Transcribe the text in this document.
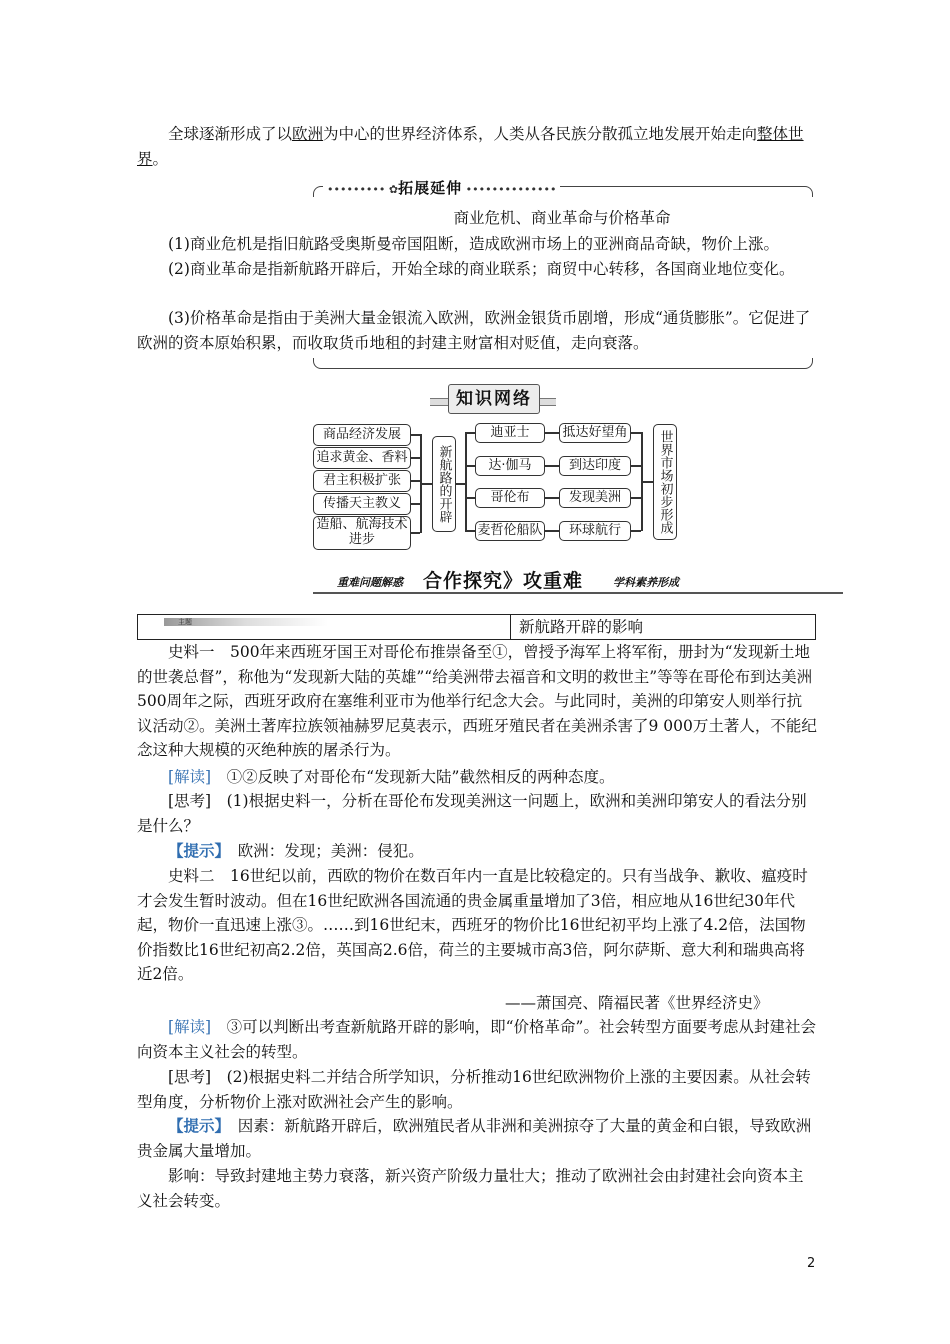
全球逐渐形成了以欧洲为中心的世界经济体系，人类从各民族分散孤立地发展开始走向整体世界。

••••••••• ✿拓展延伸 ••••••••••••••
商业危机、商业革命与价格革命

(1)商业危机是指旧航路受奥斯曼帝国阻断，造成欧洲市场上的亚洲商品奇缺，物价上涨。

(2)商业革命是指新航路开辟后，开始全球的商业联系；商贸中心转移，各国商业地位变化。

(3)价格革命是指由于美洲大量金银流入欧洲，欧洲金银货币剧增，形成“通货膨胀”。它促进了欧洲的资本原始积累，而收取货币地租的封建主财富相对贬值，走向衰落。

知识网络
商品经济发展
追求黄金、香料
君主积极扩张
传播天主教义
造船、航海技术进步
新航路的开辟
迪亚士
达·伽马
哥伦布
麦哲伦船队
抵达好望角
到达印度
发现美洲
环球航行	世界市场初步形成
重难问题解惑 合作探究》攻重难	学科素养形成
主题	新航路开辟的影响

史料一　500年来西班牙国王对哥伦布推崇备至①，曾授予海军上将军衔，册封为“发现新土地的世袭总督”，称他为“发现新大陆的英雄”“给美洲带去福音和文明的救世主”等等在哥伦布到达美洲500周年之际，西班牙政府在塞维利亚市为他举行纪念大会。与此同时，美洲的印第安人则举行抗议活动②。美洲土著库拉族领袖赫罗尼莫表示，西班牙殖民者在美洲杀害了9 000万土著人，不能纪念这种大规模的灭绝种族的屠杀行为。

[解读]　 ①②反映了对哥伦布“发现新大陆”截然相反的两种态度。

[思考]　 (1)根据史料一，分析在哥伦布发现美洲这一问题上，欧洲和美洲印第安人的看法分别是什么？

【提示】　 欧洲：发现；美洲：侵犯。

史料二　16世纪以前，西欧的物价在数百年内一直是比较稳定的。只有当战争、歉收、瘟疫时才会发生暂时波动。但在16世纪欧洲各国流通的贵金属重量增加了3倍，相应地从16世纪30年代起，物价一直迅速上涨③。……到16世纪末，西班牙的物价比16世纪初平均上涨了4.2倍，法国物价指数比16世纪初高2.2倍，英国高2.6倍，荷兰的主要城市高3倍，阿尔萨斯、意大利和瑞典高将近2倍。

——萧国亮、隋福民著《世界经济史》

[解读]　 ③可以判断出考查新航路开辟的影响，即“价格革命”。社会转型方面要考虑从封建社会向资本主义社会的转型。

[思考]　 (2)根据史料二并结合所学知识，分析推动16世纪欧洲物价上涨的主要因素。从社会转型角度，分析物价上涨对欧洲社会产生的影响。

【提示】　 因素：新航路开辟后，欧洲殖民者从非洲和美洲掠夺了大量的黄金和白银，导致欧洲贵金属大量增加。

影响：导致封建地主势力衰落，新兴资产阶级力量壮大；推动了欧洲社会由封建社会向资本主义社会转变。

2
